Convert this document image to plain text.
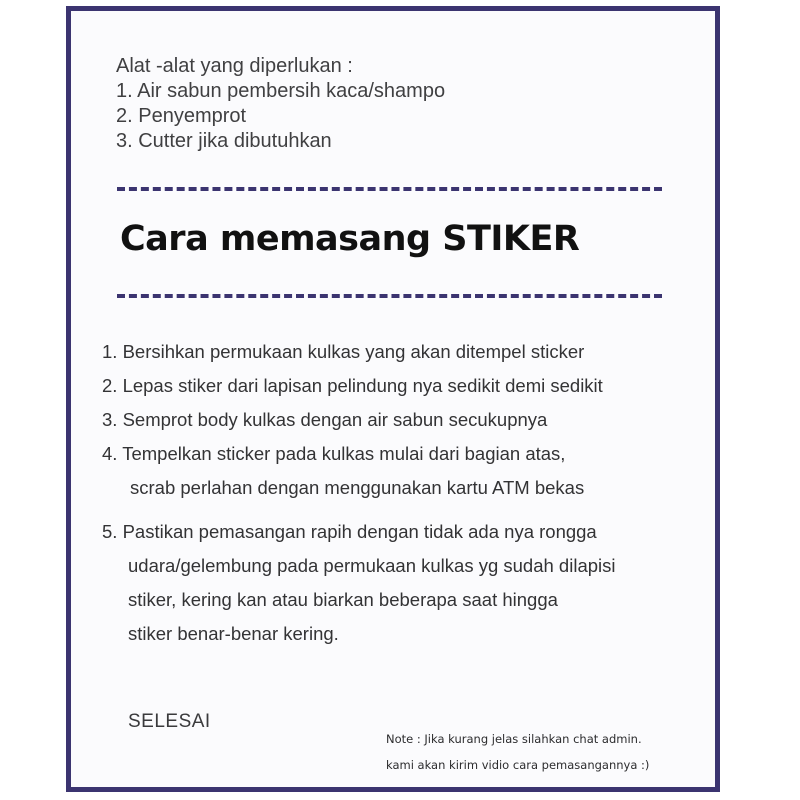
Alat -alat yang diperlukan :
1. Air sabun pembersih kaca/shampo
2. Penyemprot
3. Cutter jika dibutuhkan
Cara memasang STIKER
1. Bersihkan permukaan kulkas yang akan ditempel sticker
2. Lepas stiker dari lapisan pelindung nya sedikit demi sedikit
3. Semprot body kulkas dengan air sabun secukupnya
4. Tempelkan sticker pada kulkas mulai dari bagian atas,
scrab perlahan dengan menggunakan kartu ATM bekas
5. Pastikan pemasangan rapih dengan tidak ada nya rongga
udara/gelembung pada permukaan kulkas yg sudah dilapisi
stiker, kering kan atau biarkan beberapa saat hingga
stiker benar-benar kering.
SELESAI
Note : Jika kurang jelas silahkan chat admin.
kami akan kirim vidio cara pemasangannya :)
